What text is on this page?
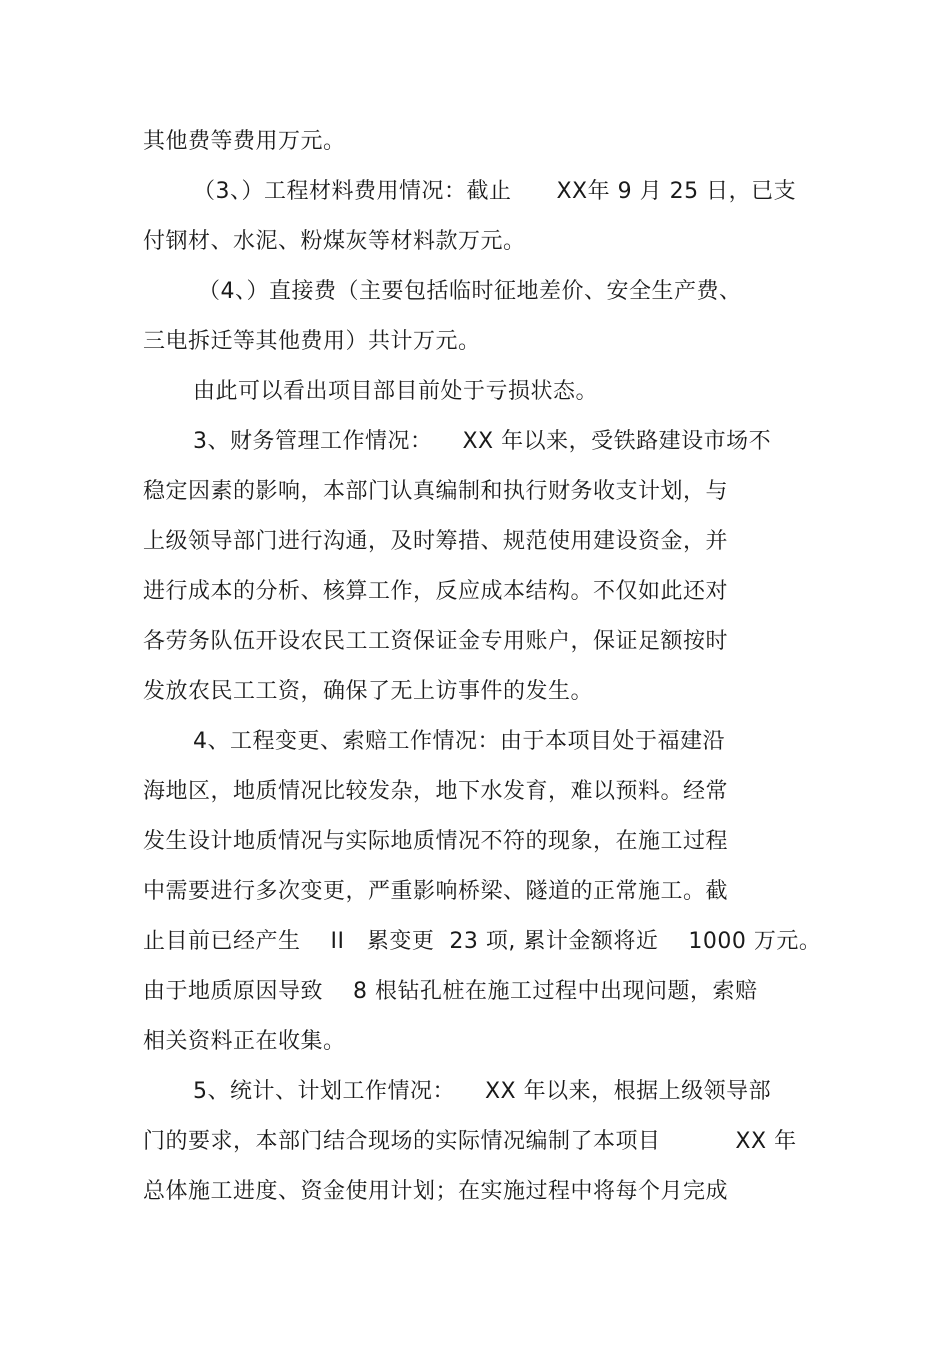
其他费等费用万元。
（3、）工程材料费用情况：截止      XX年 9 月 25 日，已支
付钢材、水泥、粉煤灰等材料款万元。
（4、）直接费（主要包括临时征地差价、安全生产费、
三电拆迁等其他费用）共计万元。
由此可以看出项目部目前处于亏损状态。
3、财务管理工作情况：    XX 年以来，受铁路建设市场不
稳定因素的影响，本部门认真编制和执行财务收支计划，与
上级领导部门进行沟通，及时筹措、规范使用建设资金，并
进行成本的分析、核算工作，反应成本结构。不仅如此还对
各劳务队伍开设农民工工资保证金专用账户，保证足额按时
发放农民工工资，确保了无上访事件的发生。
4、工程变更、索赔工作情况：由于本项目处于福建沿
海地区，地质情况比较发杂，地下水发育，难以预料。经常
发生设计地质情况与实际地质情况不符的现象，在施工过程
中需要进行多次变更，严重影响桥梁、隧道的正常施工。截
止目前已经产生    II   累变更  23 项, 累计金额将近    1000 万元。
由于地质原因导致    8 根钻孔桩在施工过程中出现问题，索赔
相关资料正在收集。
5、统计、计划工作情况：    XX 年以来，根据上级领导部
门的要求，本部门结合现场的实际情况编制了本项目          XX 年
总体施工进度、资金使用计划；在实施过程中将每个月完成
